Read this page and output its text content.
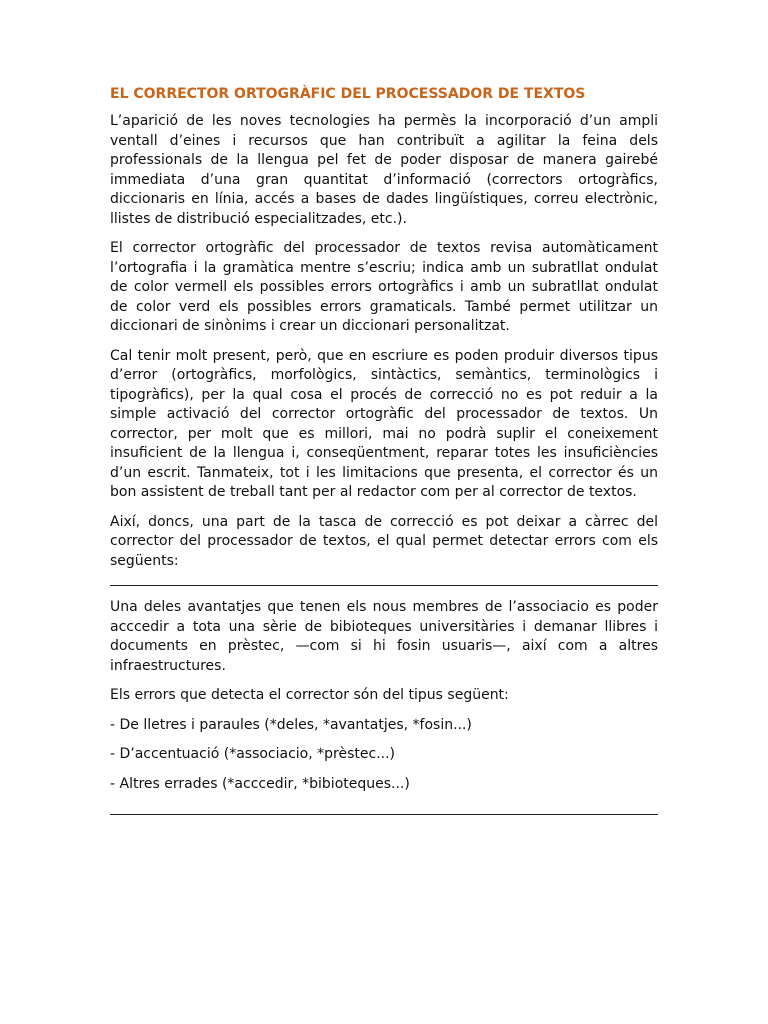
EL CORRECTOR ORTOGRÀFIC DEL PROCESSADOR DE TEXTOS

L’aparició de les noves tecnologies ha permès la incorporació d’un ampli ventall d’eines i recursos que han contribuït a agilitar la feina dels professionals de la llengua pel fet de poder disposar de manera gairebé immediata d’una gran quantitat d’informació (correctors ortogràfics, diccionaris en línia, accés a bases de dades lingüístiques, correu electrònic, llistes de distribució especialitzades, etc.).

El corrector ortogràfic del processador de textos revisa automàticament l’ortografia i la gramàtica mentre s’escriu; indica amb un subratllat ondulat de color vermell els possibles errors ortogràfics i amb un subratllat ondulat de color verd els possibles errors gramaticals. També permet utilitzar un diccionari de sinònims i crear un diccionari personalitzat.

Cal tenir molt present, però, que en escriure es poden produir diversos tipus d’error (ortogràfics, morfològics, sintàctics, semàntics, terminològics i tipogràfics), per la qual cosa el procés de correcció no es pot reduir a la simple activació del corrector ortogràfic del processador de textos. Un corrector, per molt que es millori, mai no podrà suplir el coneixement insuficient de la llengua i, conseqüentment, reparar totes les insuficiències d’un escrit. Tanmateix, tot i les limitacions que presenta, el corrector és un bon assistent de treball tant per al redactor com per al corrector de textos.

Així, doncs, una part de la tasca de correcció es pot deixar a càrrec del corrector del processador de textos, el qual permet detectar errors com els següents:

Una deles avantatjes que tenen els nous membres de l’associacio es poder acccedir a tota una sèrie de bibioteques universitàries i demanar llibres i documents en prèstec, —com si hi fosin usuaris—, així com a altres infraestructures.

Els errors que detecta el corrector són del tipus següent:

- De lletres i paraules (*deles, *avantatjes, *fosin...)
- D’accentuació (*associacio, *prèstec...)
- Altres errades (*acccedir, *bibioteques...)
